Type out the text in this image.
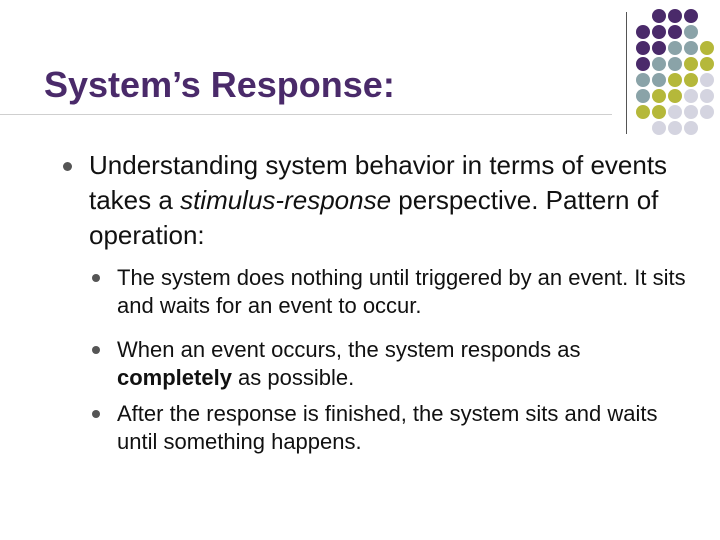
System’s Response:
Understanding system behavior in terms of events takes a stimulus-response perspective. Pattern of operation:
The system does nothing until triggered by an event. It sits and waits for an event to occur.
When an event occurs, the system responds as completely as possible.
After the response is finished, the system sits and waits until something happens.
